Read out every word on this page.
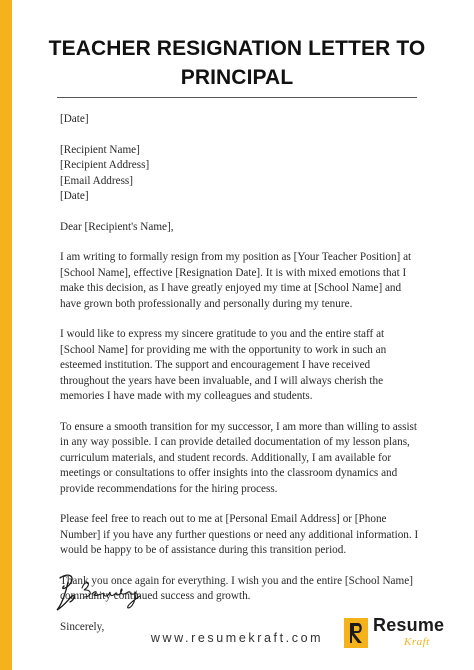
TEACHER RESIGNATION LETTER TO PRINCIPAL

[Date]

[Recipient Name]
[Recipient Address]
[Email Address]
[Date]

Dear [Recipient's Name],

I am writing to formally resign from my position as [Your Teacher Position] at [School Name], effective [Resignation Date]. It is with mixed emotions that I make this decision, as I have greatly enjoyed my time at [School Name] and have grown both professionally and personally during my tenure.

I would like to express my sincere gratitude to you and the entire staff at [School Name] for providing me with the opportunity to work in such an esteemed institution. The support and encouragement I have received throughout the years have been invaluable, and I will always cherish the memories I have made with my colleagues and students.

To ensure a smooth transition for my successor, I am more than willing to assist in any way possible. I can provide detailed documentation of my lesson plans, curriculum materials, and student records. Additionally, I am available for meetings or consultations to offer insights into the classroom dynamics and provide recommendations for the hiring process.

Please feel free to reach out to me at [Personal Email Address] or [Phone Number] if you have any further questions or need any additional information. I would be happy to be of assistance during this transition period.

Thank you once again for everything. I wish you and the entire [School Name] community continued success and growth.

Sincerely,

www.resumekraft.com
Resume
Kraft
